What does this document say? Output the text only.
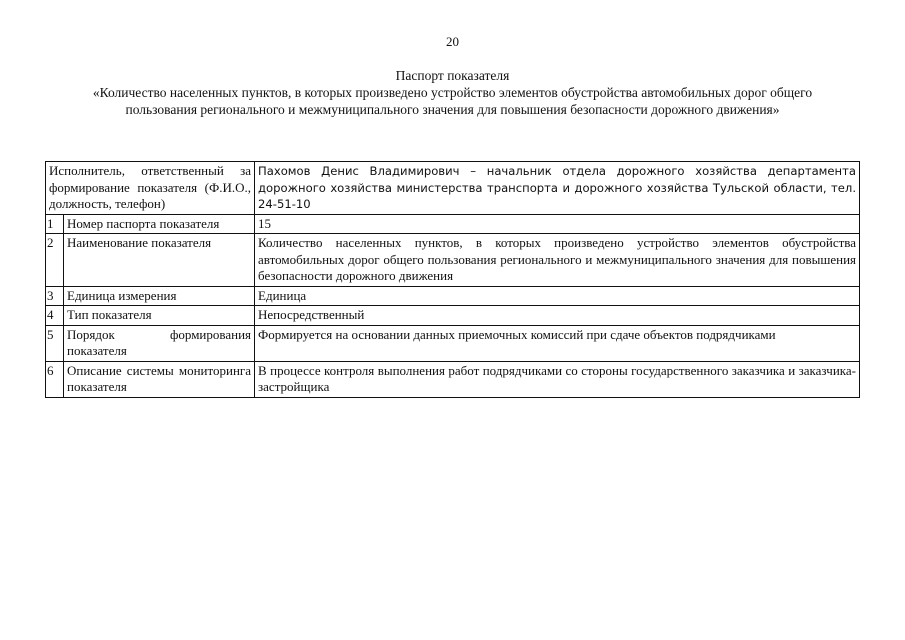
20
Паспорт показателя
«Количество населенных пунктов, в которых произведено устройство элементов обустройства автомобильных дорог общего пользования регионального и межмуниципального значения для повышения безопасности дорожного движения»
Исполнитель, ответственный за формирование показателя (Ф.И.О., должность, телефон)		Пахомов Денис Владимирович – начальник отдела дорожного хозяйства департамента дорожного хозяйства министерства транспорта и дорожного хозяйства Тульской области, тел. 24-51-10
1	Номер паспорта показателя	15
2	Наименование показателя	Количество населенных пунктов, в которых произведено устройство элементов обустройства автомобильных дорог общего пользования регионального и межмуниципального значения для повышения безопасности дорожного движения
3	Единица измерения	Единица
4	Тип показателя	Непосредственный
5	Порядок формирования показателя	Формируется на основании данных приемочных комиссий при сдаче объектов подрядчиками
6	Описание системы мониторинга показателя	В процессе контроля выполнения работ подрядчиками со стороны государственного заказчика и заказчика-застройщика
